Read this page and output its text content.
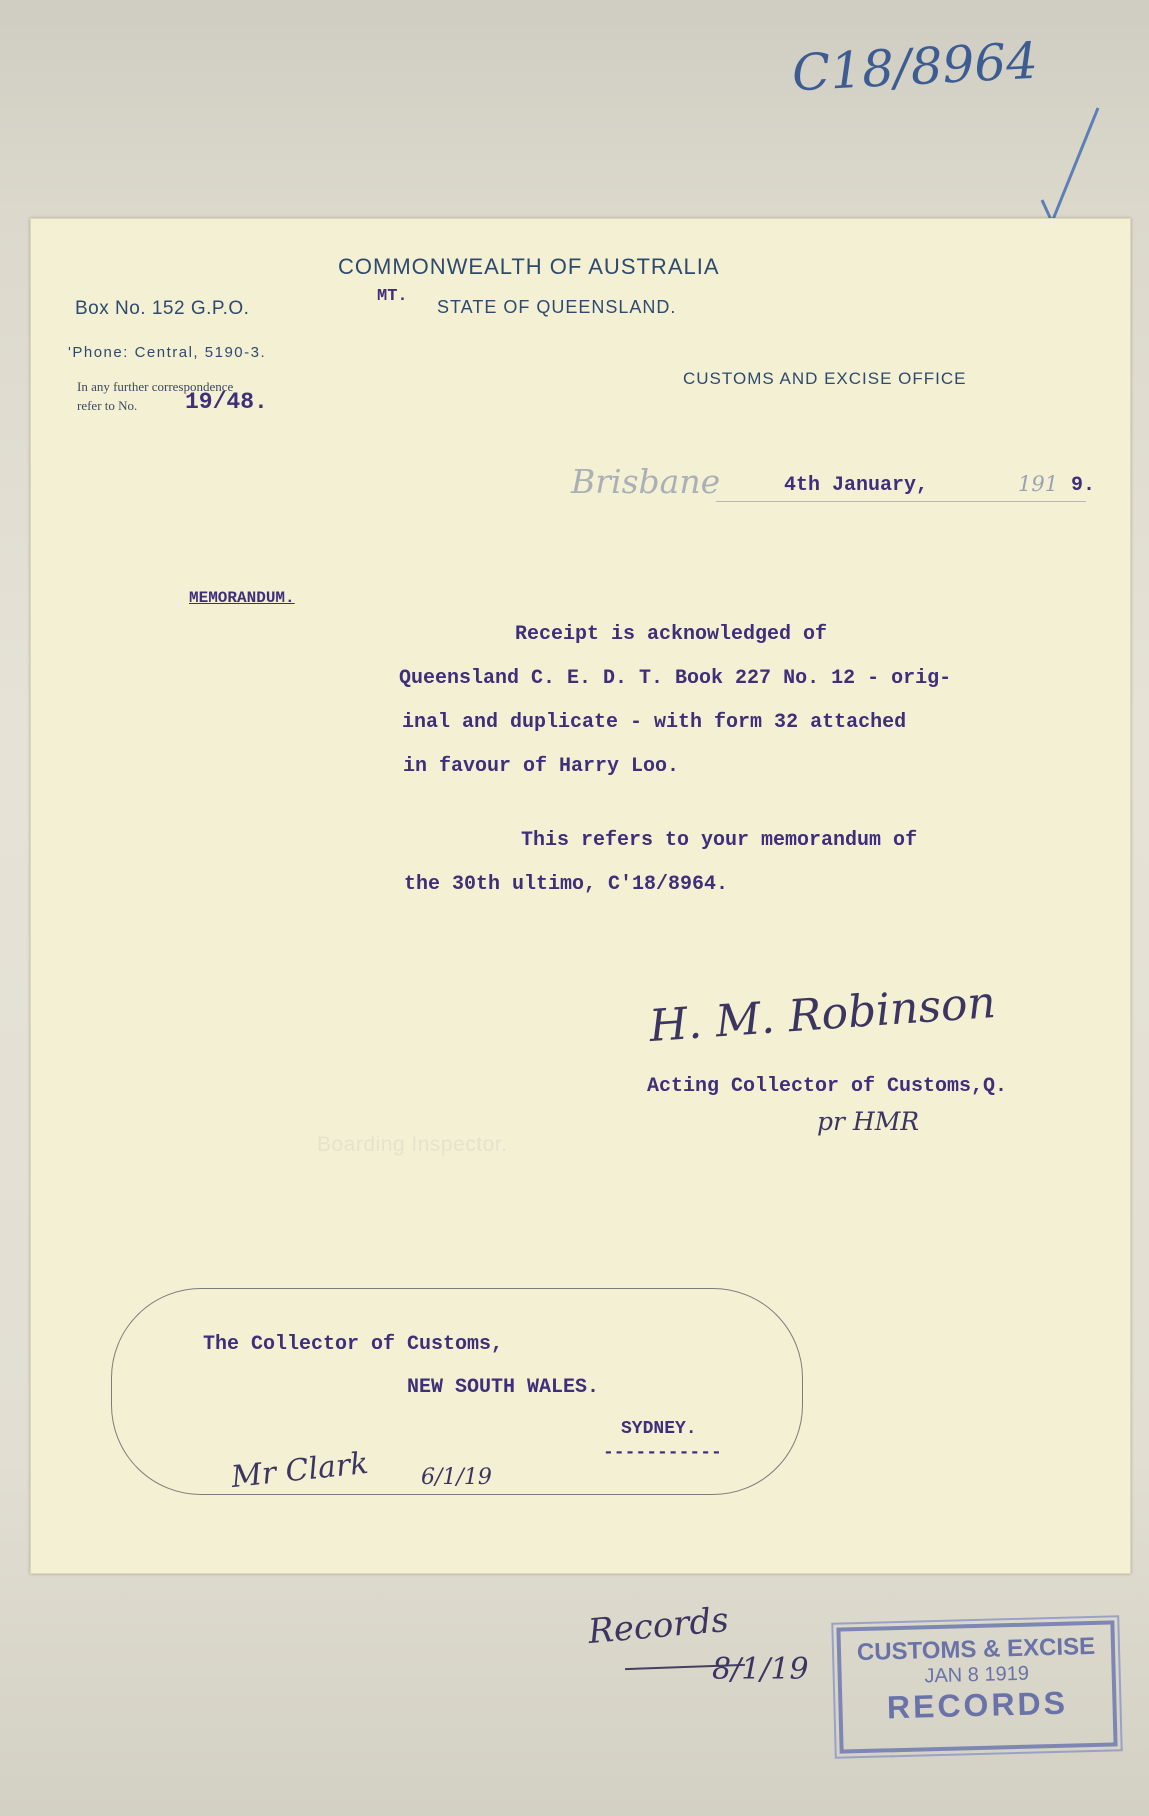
C18/8964
COMMONWEALTH OF AUSTRALIA
MT.
STATE OF QUEENSLAND.
Box No. 152 G.P.O.
'Phone: Central, 5190-3.
In any further correspondence
refer to No. 19/48.
CUSTOMS AND EXCISE OFFICE
Brisbane	4th January,	191 9.
MEMORANDUM.
Receipt is acknowledged of
Queensland C. E. D. T. Book 227 No. 12 - orig-
inal and duplicate - with form 32 attached
in favour of Harry Loo.
This refers to your memorandum of
the 30th ultimo, C'18/8964.
H. M. Robinson
Acting Collector of Customs,Q.
pr HMR
Boarding Inspector.
The Collector of Customs,
NEW SOUTH WALES.
SYDNEY.
-----------
Mr Clark 6/1/19
Records
8/1/19
CUSTOMS & EXCISE
JAN 8 1919
RECORDS
